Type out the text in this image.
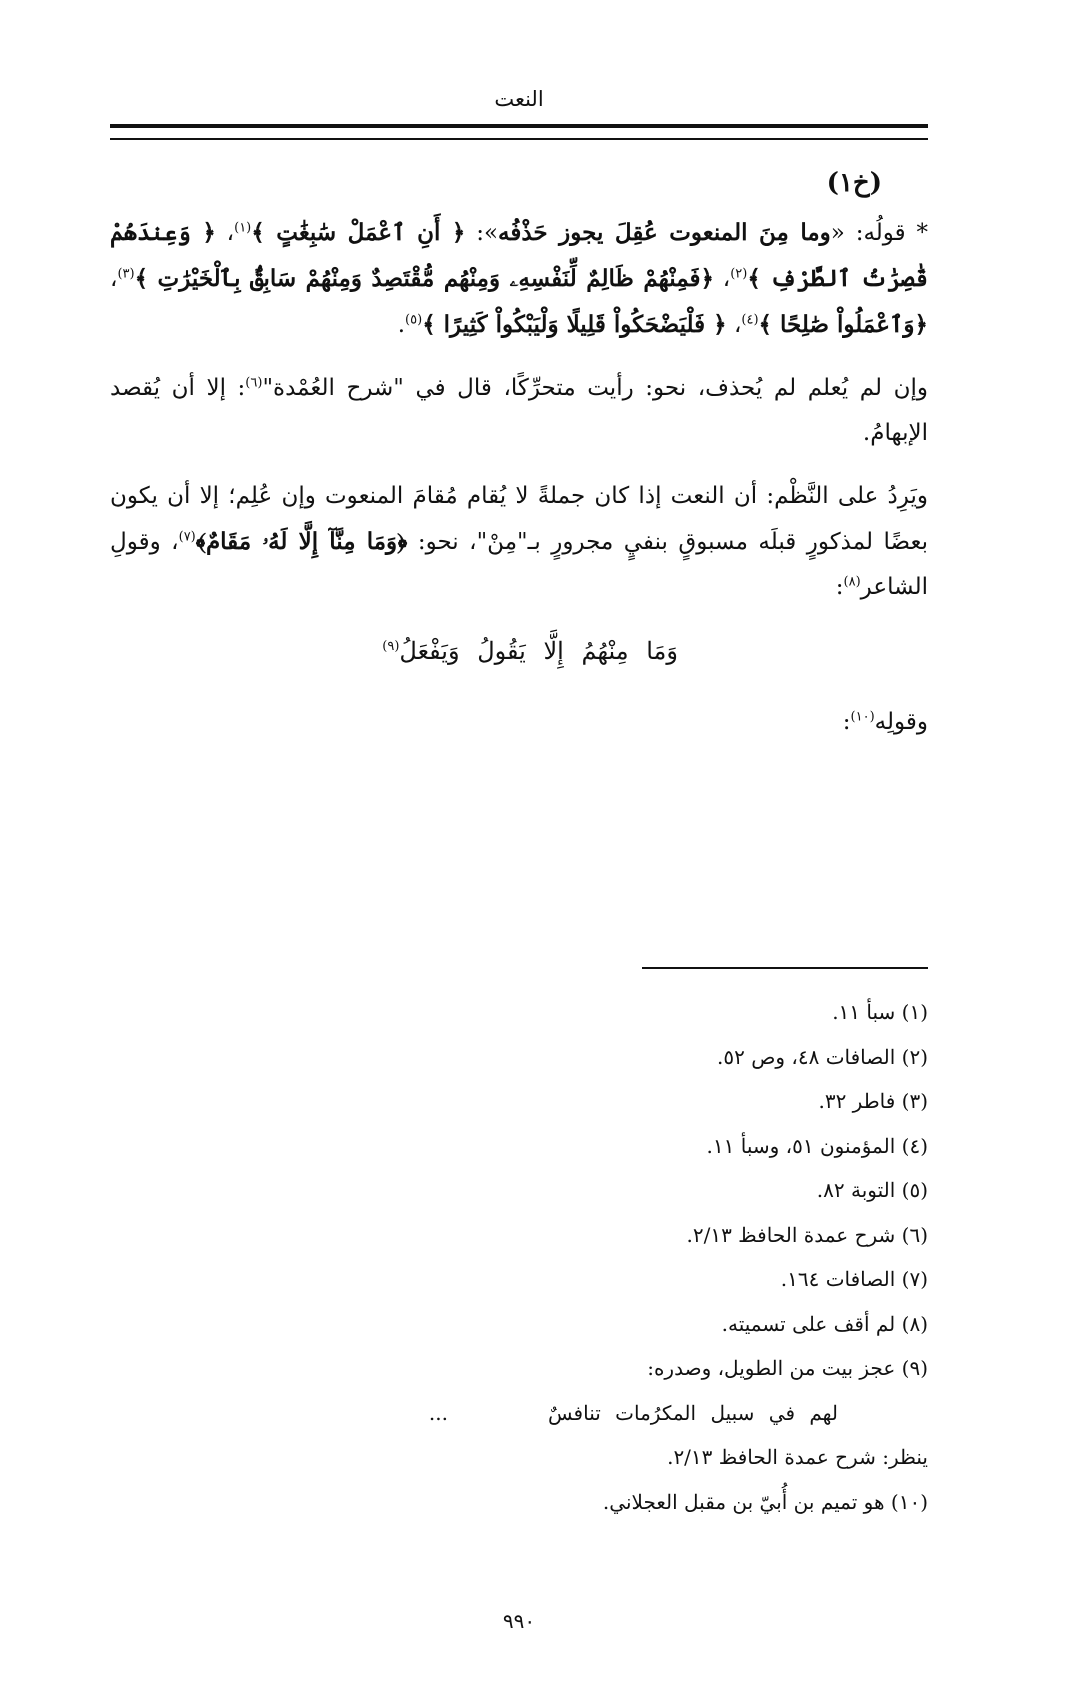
النعت
(خ١)

* قولُه: «وما مِنَ المنعوت عُقِلَ يجوز حَذْفُه»: ﴿ أَنِ ٱعْمَلْ سَٰبِغَٰتٍ ﴾$^{(١)}$، ﴿ وَعِندَهُمْ قَٰصِرَٰتُ ٱلطَّرْفِ ﴾$^{(٢)}$، ﴿فَمِنْهُمْ ظَالِمٌ لِّنَفْسِهِۦ وَمِنْهُم مُّقْتَصِدٌ وَمِنْهُمْ سَابِقٌۢ بِٱلْخَيْرَٰتِ ﴾$^{(٣)}$، ﴿وَٱعْمَلُواْ صَٰلِحًا ﴾$^{(٤)}$، ﴿ فَلْيَضْحَكُواْ قَلِيلًا وَلْيَبْكُواْ كَثِيرًا ﴾$^{(٥)}$.

وإن لم يُعلم لم يُحذف، نحو: رأيت متحرِّكًا، قال في "شرح العُمْدة"$^{(٦)}$: إلا أن يُقصد الإبهامُ.

ويَرِدُ على النَّظْم: أن النعت إذا كان جملةً لا يُقام مُقامَ المنعوت وإن عُلِم؛ إلا أن يكون بعضًا لمذكورٍ قبلَه مسبوقٍ بنفيٍ مجرورٍ بـ"مِنْ"، نحو: ﴿وَمَا مِنَّآ إِلَّا لَهُۥ مَقَامٌ﴾$^{(٧)}$، وقولِ الشاعر$^{(٨)}$:

وَمَا مِنْهُمُ إِلَّا يَقُولُ وَيَفْعَلُ$^{(٩)}$

وقولِه$^{(١٠)}$:

(١) سبأ ١١.

(٢) الصافات ٤٨، وص ٥٢.

(٣) فاطر ٣٢.

(٤) المؤمنون ٥١، وسبأ ١١.

(٥) التوبة ٨٢.

(٦) شرح عمدة الحافظ ٢/١٣.

(٧) الصافات ١٦٤.

(٨) لم أقف على تسميته.

(٩) عجز بيت من الطويل، وصدره:

لهم في سبيل المكرُمات تنافسٌ
...

ينظر: شرح عمدة الحافظ ٢/١٣.

(١٠) هو تميم بن أُبيّ بن مقبل العجلاني.

٩٩٠
